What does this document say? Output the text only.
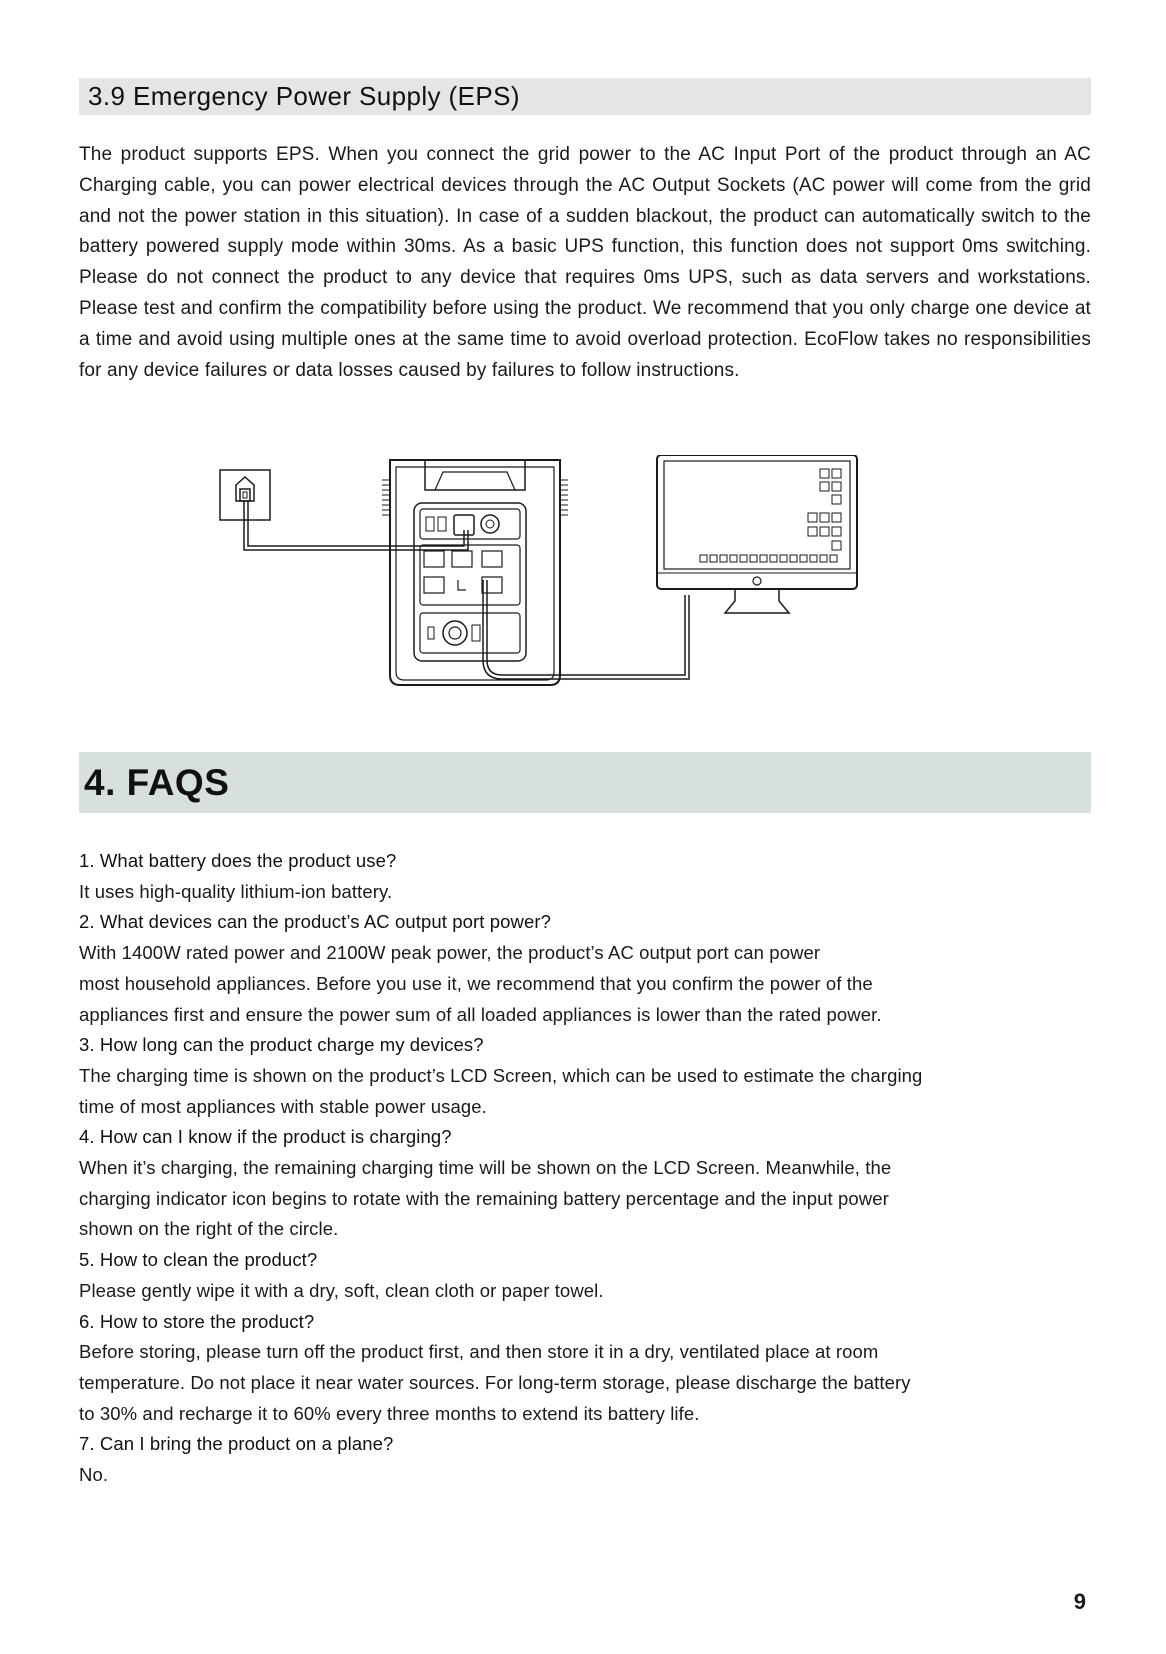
3.9 Emergency Power Supply (EPS)

The product supports EPS. When you connect the grid power to the AC Input Port of the product through an AC Charging cable, you can power electrical devices through the AC Output Sockets (AC power will come from the grid and not the power station in this situation). In case of a sudden blackout, the product can automatically switch to the battery powered supply mode within 30ms. As a basic UPS function, this function does not support 0ms switching. Please do not connect the product to any device that requires 0ms UPS, such as data servers and workstations. Please test and confirm the compatibility before using the product. We recommend that you only charge one device at a time and avoid using multiple ones at the same time to avoid overload protection. EcoFlow takes no responsibilities for any device failures or data losses caused by failures to follow instructions.

4. FAQS

1. What battery does the product use?

It uses high-quality lithium-ion battery.

2. What devices can the product’s AC output port power?

With 1400W rated power and 2100W peak power, the product’s AC output port can power

most household appliances. Before you use it, we recommend that you confirm the power of the

appliances first and ensure the power sum of all loaded appliances is lower than the rated power.

3. How long can the product charge my devices?

The charging time is shown on the product’s LCD Screen, which can be used to estimate the charging

time of most appliances with stable power usage.

4. How can I know if the product is charging?

When it’s charging, the remaining charging time will be shown on the LCD Screen. Meanwhile, the

charging indicator icon begins to rotate with the remaining battery percentage and the input power

shown on the right of the circle.

5. How to clean the product?

Please gently wipe it with a dry, soft, clean cloth or paper towel.

6. How to store the product?

Before storing, please turn off the product first, and then store it in a dry, ventilated place at room

temperature. Do not place it near water sources. For long-term storage, please discharge the battery

to 30% and recharge it to 60% every three months to extend its battery life.

7. Can I bring the product on a plane?

No.

9
